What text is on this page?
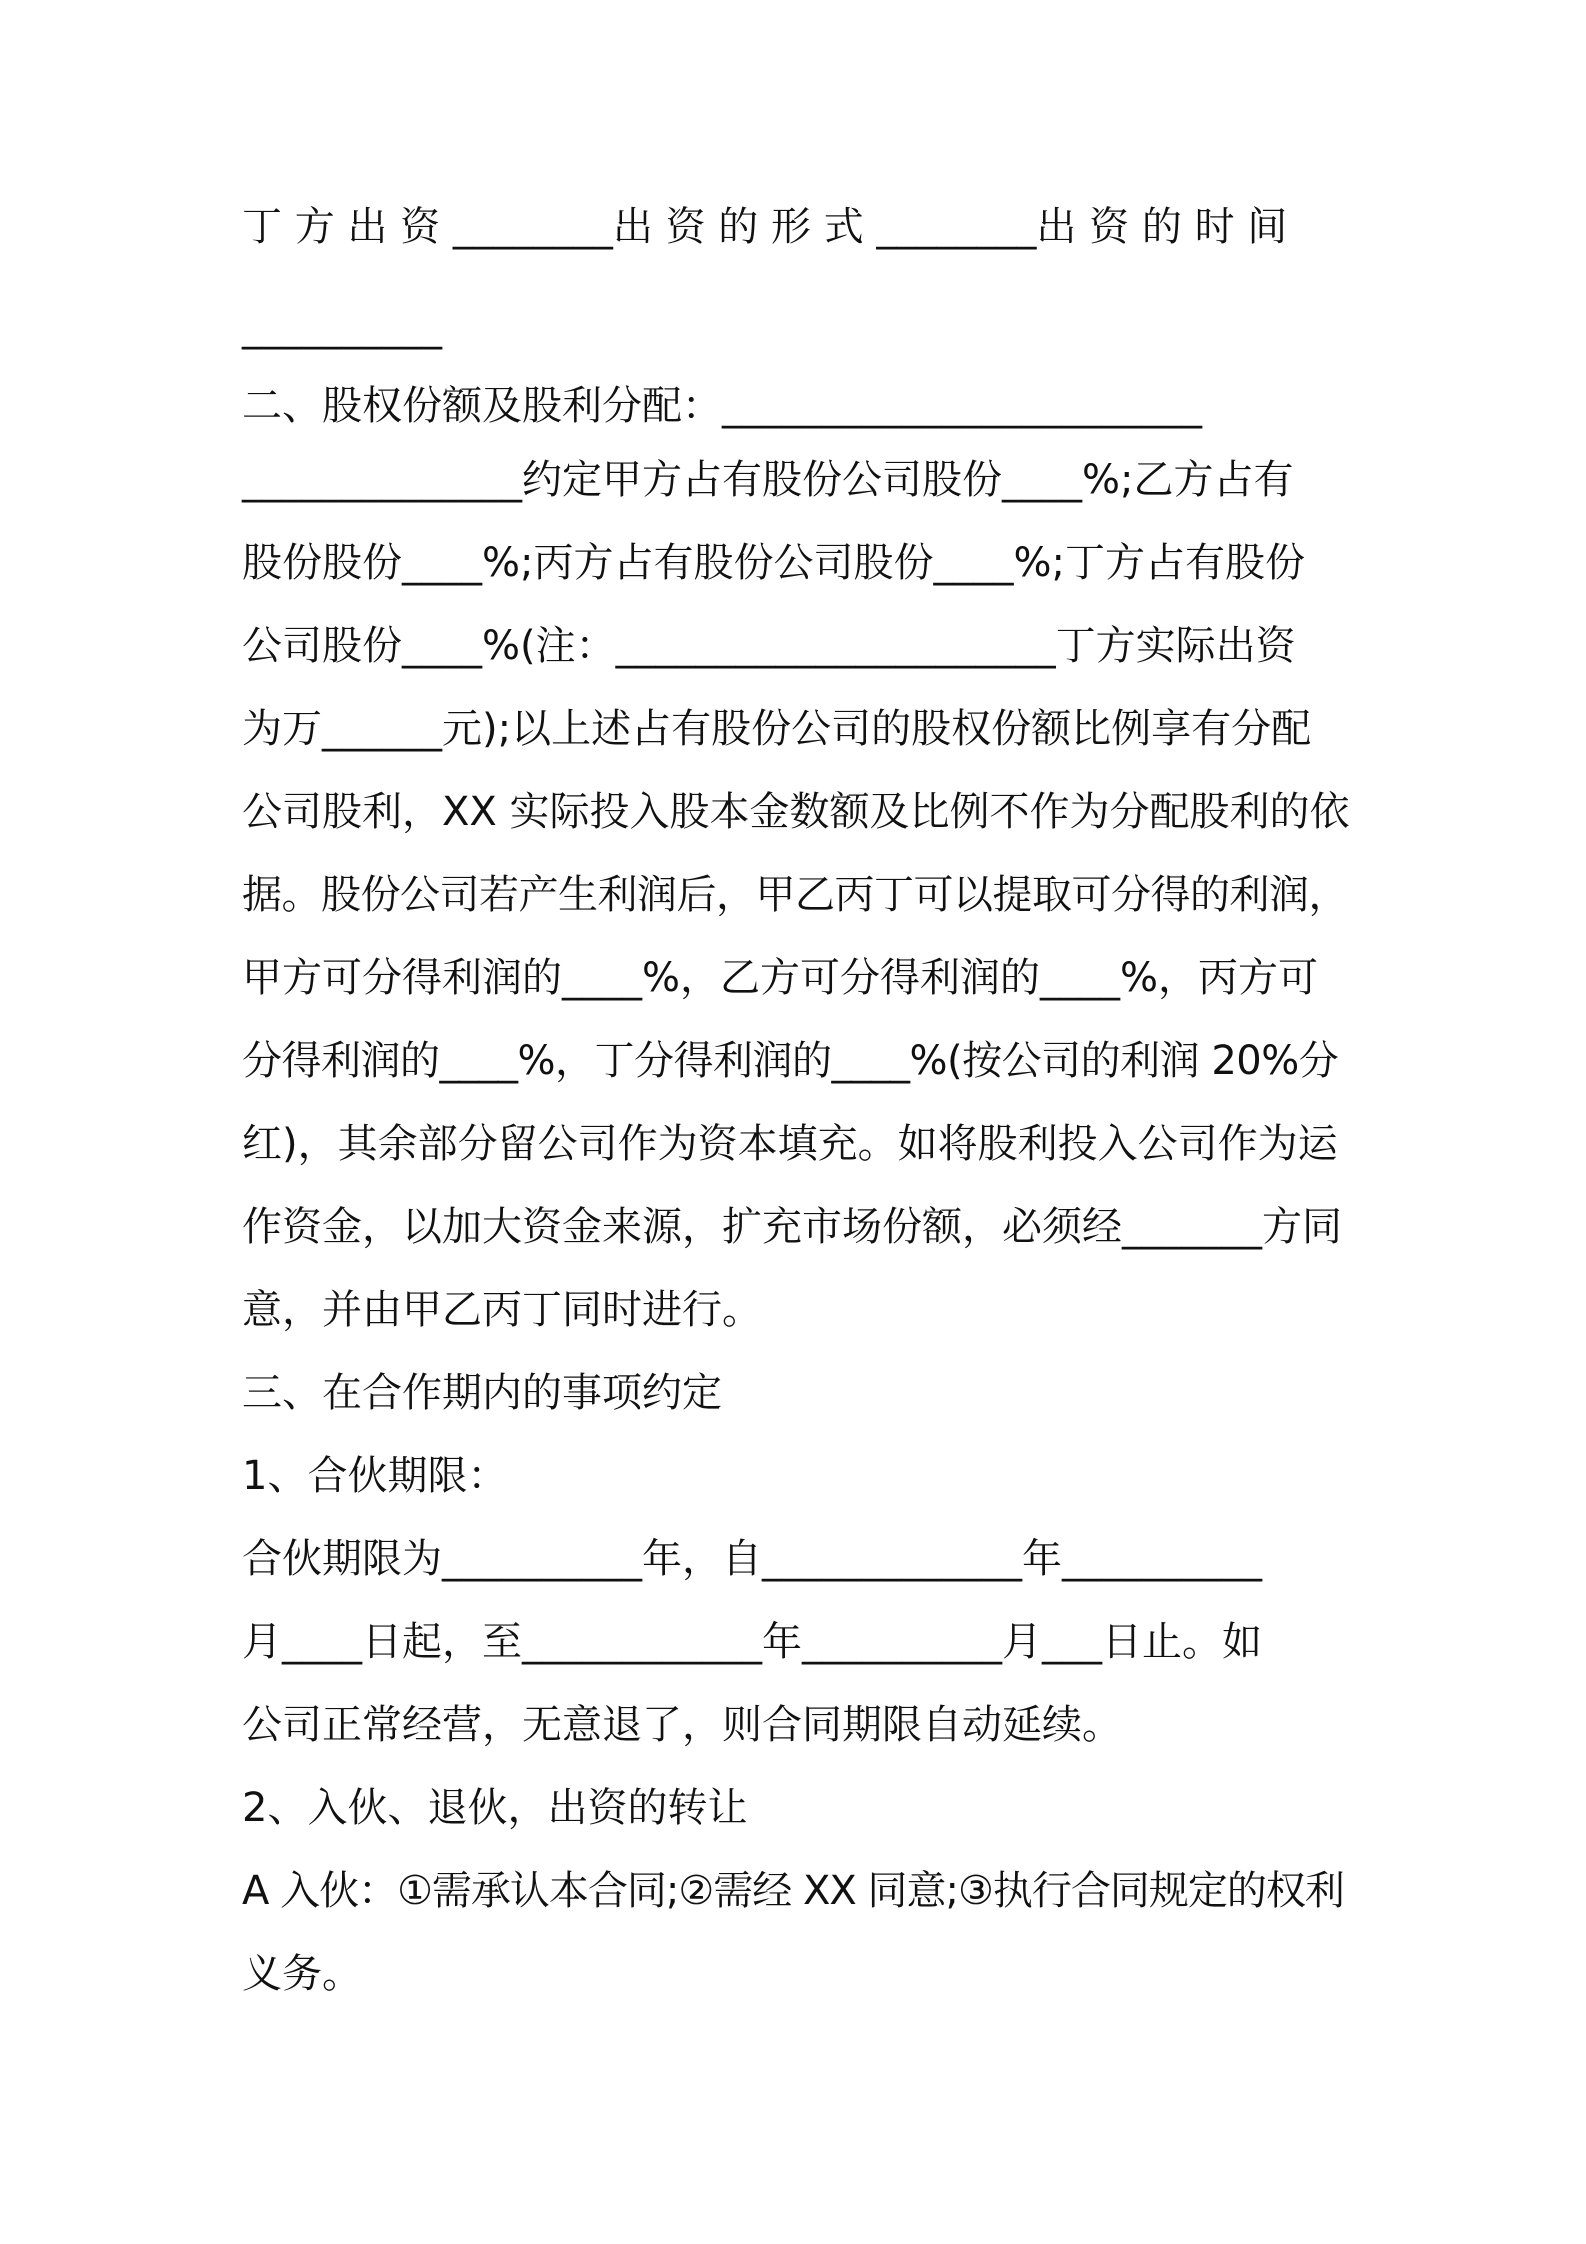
丁 方 出 资 ________出 资 的 形 式 ________出 资 的 时 间
__________
二、股权份额及股利分配：________________________
______________约定甲方占有股份公司股份____%;乙方占有
股份股份____%;丙方占有股份公司股份____%;丁方占有股份
公司股份____%(注：______________________丁方实际出资
为万______元);以上述占有股份公司的股权份额比例享有分配
公司股利，XX 实际投入股本金数额及比例不作为分配股利的依
据。股份公司若产生利润后，甲乙丙丁可以提取可分得的利润，
甲方可分得利润的____%，乙方可分得利润的____%，丙方可
分得利润的____%，丁分得利润的____%(按公司的利润 20%分
红)，其余部分留公司作为资本填充。如将股利投入公司作为运
作资金，以加大资金来源，扩充市场份额，必须经_______方同
意，并由甲乙丙丁同时进行。
三、在合作期内的事项约定
1、合伙期限：
合伙期限为__________年，自_____________年__________
月____日起，至____________年__________月___日止。如
公司正常经营，无意退了，则合同期限自动延续。
2、入伙、退伙，出资的转让
A 入伙：①需承认本合同;②需经 XX 同意;③执行合同规定的权利
义务。
